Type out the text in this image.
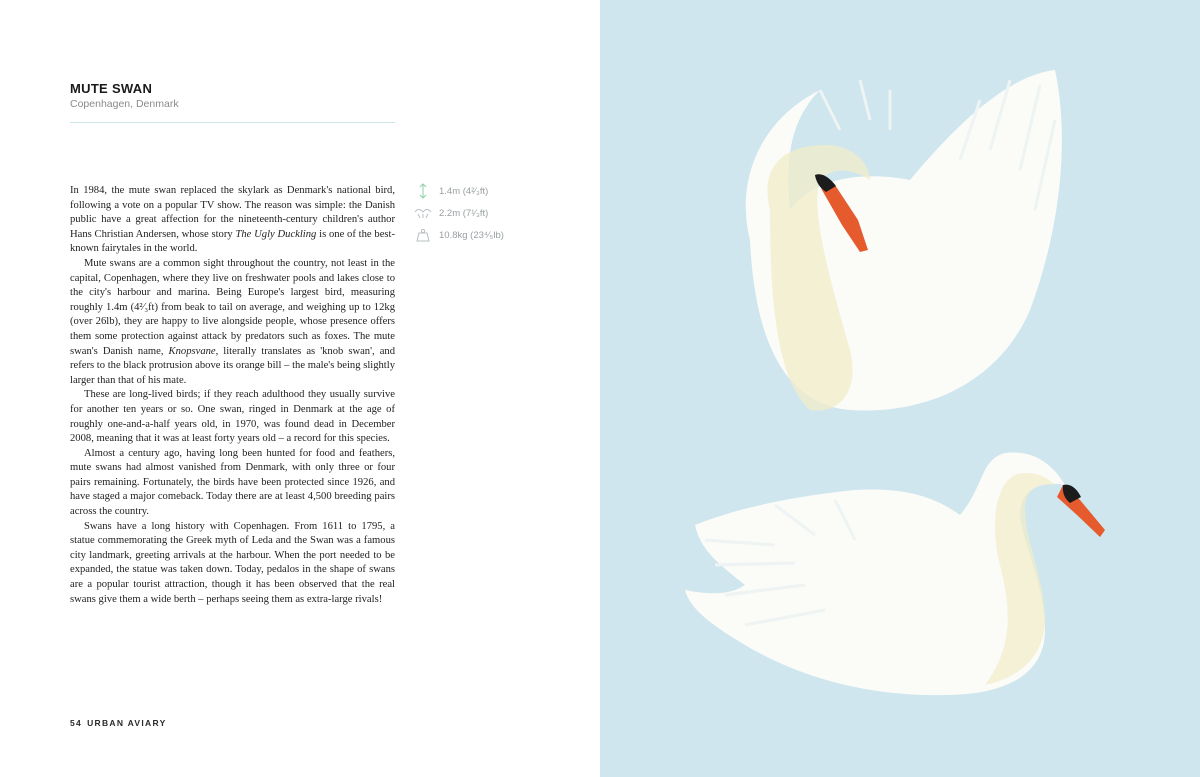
MUTE SWAN
Copenhagen, Denmark

In 1984, the mute swan replaced the skylark as Denmark's national bird, following a vote on a popular TV show. The reason was simple: the Danish public have a great affection for the nineteenth-century children's author Hans Christian Andersen, whose story The Ugly Duckling is one of the best-known fairytales in the world.

Mute swans are a common sight throughout the country, not least in the capital, Copenhagen, where they live on freshwater pools and lakes close to the city's harbour and marina. Being Europe's largest bird, measuring roughly 1.4m (4²⁄₃ft) from beak to tail on average, and weighing up to 12kg (over 26lb), they are happy to live alongside people, whose presence offers them some protection against attack by predators such as foxes. The mute swan's Danish name, Knopsvane, literally translates as 'knob swan', and refers to the black protrusion above its orange bill – the male's being slightly larger than that of his mate.

These are long-lived birds; if they reach adulthood they usually survive for another ten years or so. One swan, ringed in Denmark at the age of roughly one-and-a-half years old, in 1970, was found dead in December 2008, meaning that it was at least forty years old – a record for this species.

Almost a century ago, having long been hunted for food and feathers, mute swans had almost vanished from Denmark, with only three or four pairs remaining. Fortunately, the birds have been protected since 1926, and have staged a major comeback. Today there are at least 4,500 breeding pairs across the country.

Swans have a long history with Copenhagen. From 1611 to 1795, a statue commemorating the Greek myth of Leda and the Swan was a famous city landmark, greeting arrivals at the harbour. When the port needed to be expanded, the statue was taken down. Today, pedalos in the shape of swans are a popular tourist attraction, though it has been observed that the real swans give them a wide berth – perhaps seeing them as extra-large rivals!

1.4m (4²⁄₃ft)
2.2m (7¹⁄₃ft)
10.8kg (23⁴⁄₅lb)
54 URBAN AVIARY
